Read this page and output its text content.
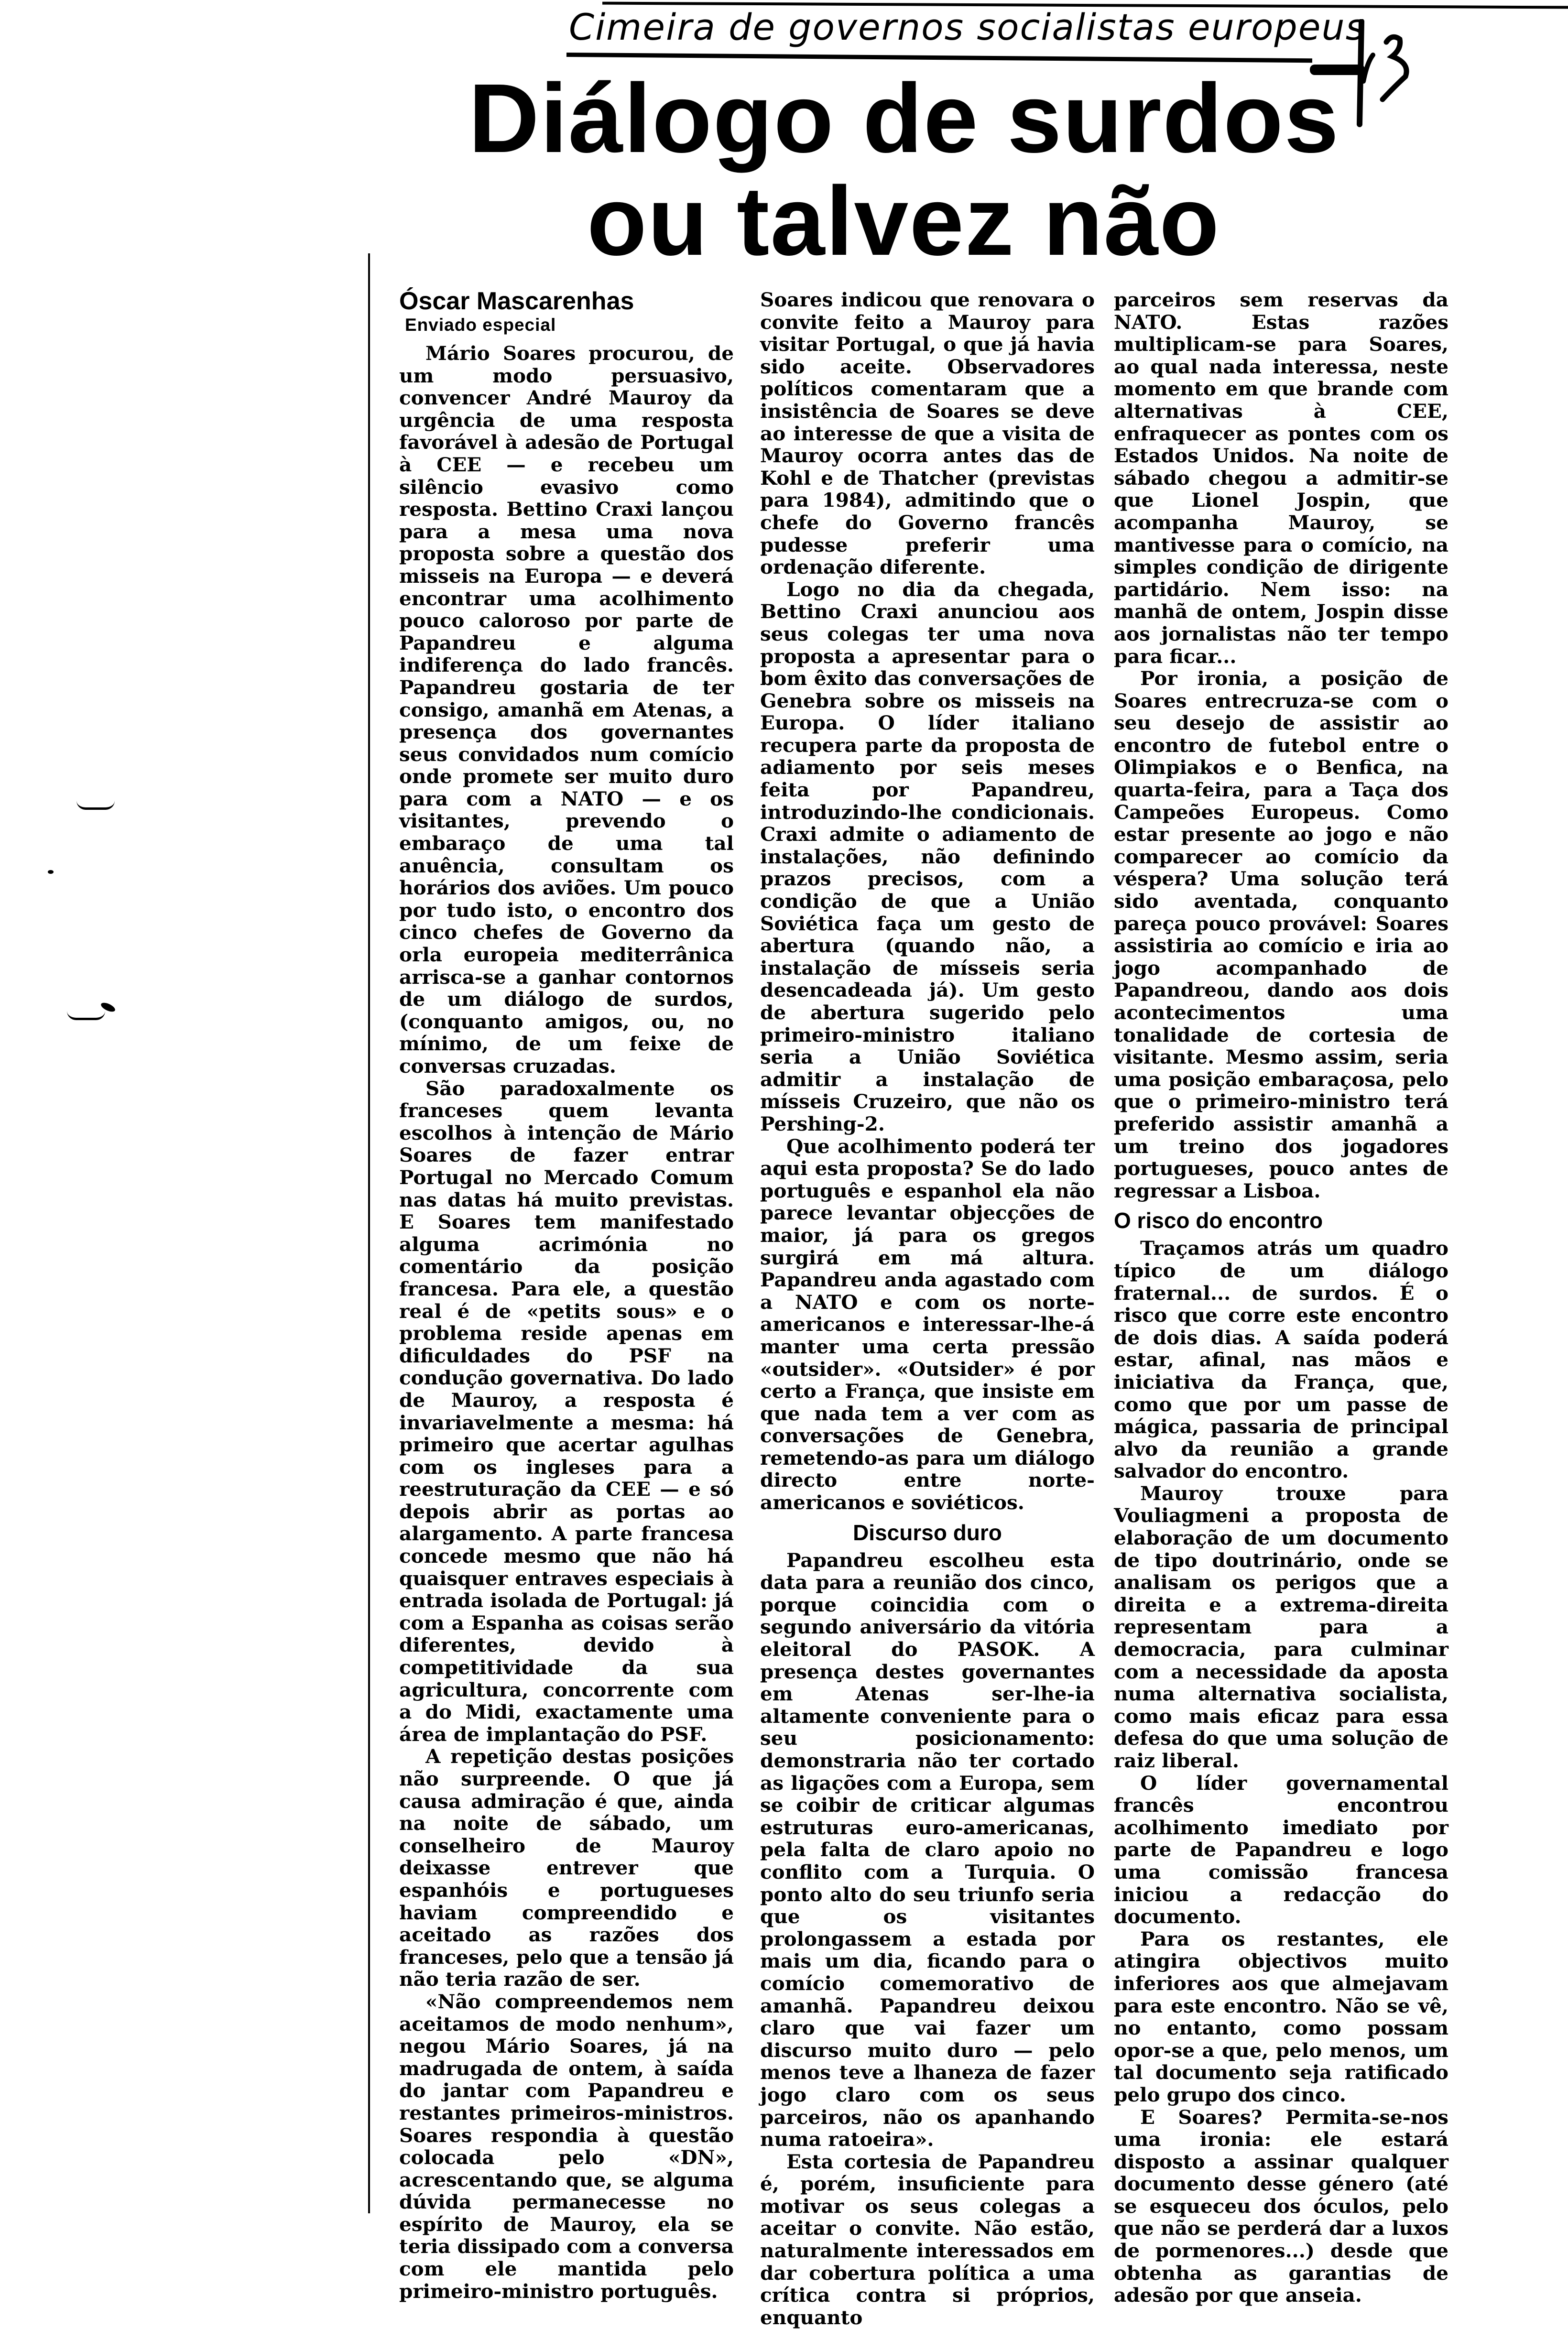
Cimeira de governos socialistas europeus
Diálogo de surdos
ou talvez não
Óscar Mascarenhas
Enviado especial

Mário Soares procurou, de um modo persuasivo, convencer André Mauroy da urgência de uma resposta favorável à adesão de Portugal à CEE — e recebeu um silêncio evasivo como resposta. Bettino Craxi lançou para a mesa uma nova proposta sobre a questão dos misseis na Europa — e deverá encontrar uma acolhimento pouco caloroso por parte de Papandreu e alguma indiferença do lado francês. Papandreu gostaria de ter consigo, amanhã em Atenas, a presença dos governantes seus convidados num comício onde promete ser muito duro para com a NATO — e os visitantes, prevendo o embaraço de uma tal anuência, consultam os horários dos aviões. Um pouco por tudo isto, o encontro dos cinco chefes de Governo da orla europeia mediterrânica arrisca-se a ganhar contornos de um diálogo de surdos, (conquanto amigos, ou, no mínimo, de um feixe de conversas cruzadas.

São paradoxalmente os franceses quem levanta escolhos à intenção de Mário Soares de fazer entrar Portugal no Mercado Comum nas datas há muito previstas. E Soares tem manifestado alguma acrimónia no comentário da posição francesa. Para ele, a questão real é de «petits sous» e o problema reside apenas em dificuldades do PSF na condução governativa. Do lado de Mauroy, a resposta é invariavelmente a mesma: há primeiro que acertar agulhas com os ingleses para a reestruturação da CEE — e só depois abrir as portas ao alargamento. A parte francesa concede mesmo que não há quaisquer entraves especiais à entrada isolada de Portugal: já com a Espanha as coisas serão diferentes, devido à competitividade da sua agricultura, concorrente com a do Midi, exactamente uma área de implantação do PSF.

A repetição destas posições não surpreende. O que já causa admiração é que, ainda na noite de sábado, um conselheiro de Mauroy deixasse entrever que espanhóis e portugueses haviam compreendido e aceitado as razões dos franceses, pelo que a tensão já não teria razão de ser.

«Não compreendemos nem aceitamos de modo nenhum», negou Mário Soares, já na madrugada de ontem, à saída do jantar com Papandreu e restantes primeiros-ministros. Soares respondia à questão colocada pelo «DN», acrescentando que, se alguma dúvida permanecesse no espírito de Mauroy, ela se teria dissipado com a conversa com ele mantida pelo primeiro-ministro português.

Soares indicou que renovara o convite feito a Mauroy para visitar Portugal, o que já havia sido aceite. Observadores políticos comentaram que a insistência de Soares se deve ao interesse de que a visita de Mauroy ocorra antes das de Kohl e de Thatcher (previstas para 1984), admitindo que o chefe do Governo francês pudesse preferir uma ordenação diferente.

Logo no dia da chegada, Bettino Craxi anunciou aos seus colegas ter uma nova proposta a apresentar para o bom êxito das conversações de Genebra sobre os misseis na Europa. O líder italiano recupera parte da proposta de adiamento por seis meses feita por Papandreu, introduzindo-lhe condicionais. Craxi admite o adiamento de instalações, não definindo prazos precisos, com a condição de que a União Soviética faça um gesto de abertura (quando não, a instalação de mísseis seria desencadeada já). Um gesto de abertura sugerido pelo primeiro-ministro italiano seria a União Soviética admitir a instalação de mísseis Cruzeiro, que não os Pershing-2.

Que acolhimento poderá ter aqui esta proposta? Se do lado português e espanhol ela não parece levantar objecções de maior, já para os gregos surgirá em má altura. Papandreu anda agastado com a NATO e com os norte-americanos e interessar-lhe-á manter uma certa pressão «outsider». «Outsider» é por certo a França, que insiste em que nada tem a ver com as conversações de Genebra, remetendo-as para um diálogo directo entre norte-americanos e soviéticos.

Discurso duro

Papandreu escolheu esta data para a reunião dos cinco, porque coincidia com o segundo aniversário da vitória eleitoral do PASOK. A presença destes governantes em Atenas ser-lhe-ia altamente conveniente para o seu posicionamento: demonstraria não ter cortado as ligações com a Europa, sem se coibir de criticar algumas estruturas euro-americanas, pela falta de claro apoio no conflito com a Turquia. O ponto alto do seu triunfo seria que os visitantes prolongassem a estada por mais um dia, ficando para o comício comemorativo de amanhã. Papandreu deixou claro que vai fazer um discurso muito duro — pelo menos teve a lhaneza de fazer jogo claro com os seus parceiros, não os apanhando numa ratoeira».

Esta cortesia de Papandreu é, porém, insuficiente para motivar os seus colegas a aceitar o convite. Não estão, naturalmente interessados em dar cobertura política a uma crítica contra si próprios, enquanto

parceiros sem reservas da NATO. Estas razões multiplicam-se para Soares, ao qual nada interessa, neste momento em que brande com alternativas à CEE, enfraquecer as pontes com os Estados Unidos. Na noite de sábado chegou a admitir-se que Lionel Jospin, que acompanha Mauroy, se mantivesse para o comício, na simples condição de dirigente partidário. Nem isso: na manhã de ontem, Jospin disse aos jornalistas não ter tempo para ficar...

Por ironia, a posição de Soares entrecruza-se com o seu desejo de assistir ao encontro de futebol entre o Olimpiakos e o Benfica, na quarta-feira, para a Taça dos Campeões Europeus. Como estar presente ao jogo e não comparecer ao comício da véspera? Uma solução terá sido aventada, conquanto pareça pouco provável: Soares assistiria ao comício e iria ao jogo acompanhado de Papandreou, dando aos dois acontecimentos uma tonalidade de cortesia de visitante. Mesmo assim, seria uma posição embaraçosa, pelo que o primeiro-ministro terá preferido assistir amanhã a um treino dos jogadores portugueses, pouco antes de regressar a Lisboa.

O risco do encontro

Traçamos atrás um quadro típico de um diálogo fraternal... de surdos. É o risco que corre este encontro de dois dias. A saída poderá estar, afinal, nas mãos e iniciativa da França, que, como que por um passe de mágica, passaria de principal alvo da reunião a grande salvador do encontro.

Mauroy trouxe para Vouliagmeni a proposta de elaboração de um documento de tipo doutrinário, onde se analisam os perigos que a direita e a extrema-direita representam para a democracia, para culminar com a necessidade da aposta numa alternativa socialista, como mais eficaz para essa defesa do que uma solução de raiz liberal.

O líder governamental francês encontrou acolhimento imediato por parte de Papandreu e logo uma comissão francesa iniciou a redacção do documento.

Para os restantes, ele atingira objectivos muito inferiores aos que almejavam para este encontro. Não se vê, no entanto, como possam opor-se a que, pelo menos, um tal documento seja ratificado pelo grupo dos cinco.

E Soares? Permita-se-nos uma ironia: ele estará disposto a assinar qualquer documento desse género (até se esqueceu dos óculos, pelo que não se perderá dar a luxos de pormenores...) desde que obtenha as garantias de adesão por que anseia.
